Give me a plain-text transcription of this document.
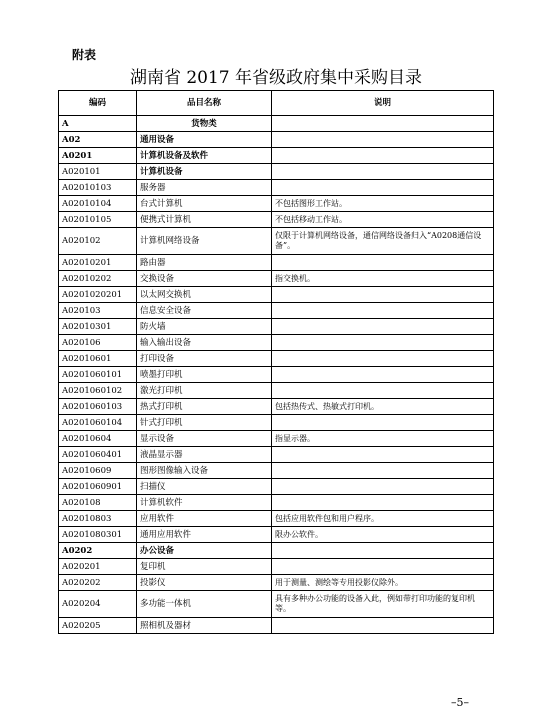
附表
湖南省 2017 年省级政府集中采购目录
编码	品目名称	说明
A	货物类	
A02	通用设备	
A0201	计算机设备及软件	
A020101	计算机设备	
A02010103	服务器	
A02010104	台式计算机	不包括图形工作站。
A02010105	便携式计算机	不包括移动工作站。
A020102	计算机网络设备	仅限于计算机网络设备，通信网络设备归入“A0208通信设备”。
A02010201	路由器	
A02010202	交换设备	指交换机。
A0201020201	以太网交换机	
A020103	信息安全设备	
A02010301	防火墙	
A020106	输入输出设备	
A02010601	打印设备	
A0201060101	喷墨打印机	
A0201060102	激光打印机	
A0201060103	热式打印机	包括热传式、热敏式打印机。
A0201060104	针式打印机	
A02010604	显示设备	指显示器。
A0201060401	液晶显示器	
A02010609	图形图像输入设备	
A0201060901	扫描仪	
A020108	计算机软件	
A02010803	应用软件	包括应用软件包和用户程序。
A0201080301	通用应用软件	限办公软件。
A0202	办公设备	
A020201	复印机	
A020202	投影仪	用于测量、测绘等专用投影仪除外。
A020204	多功能一体机	具有多种办公功能的设备入此，例如带打印功能的复印机等。
A020205	照相机及器材	
–5–
